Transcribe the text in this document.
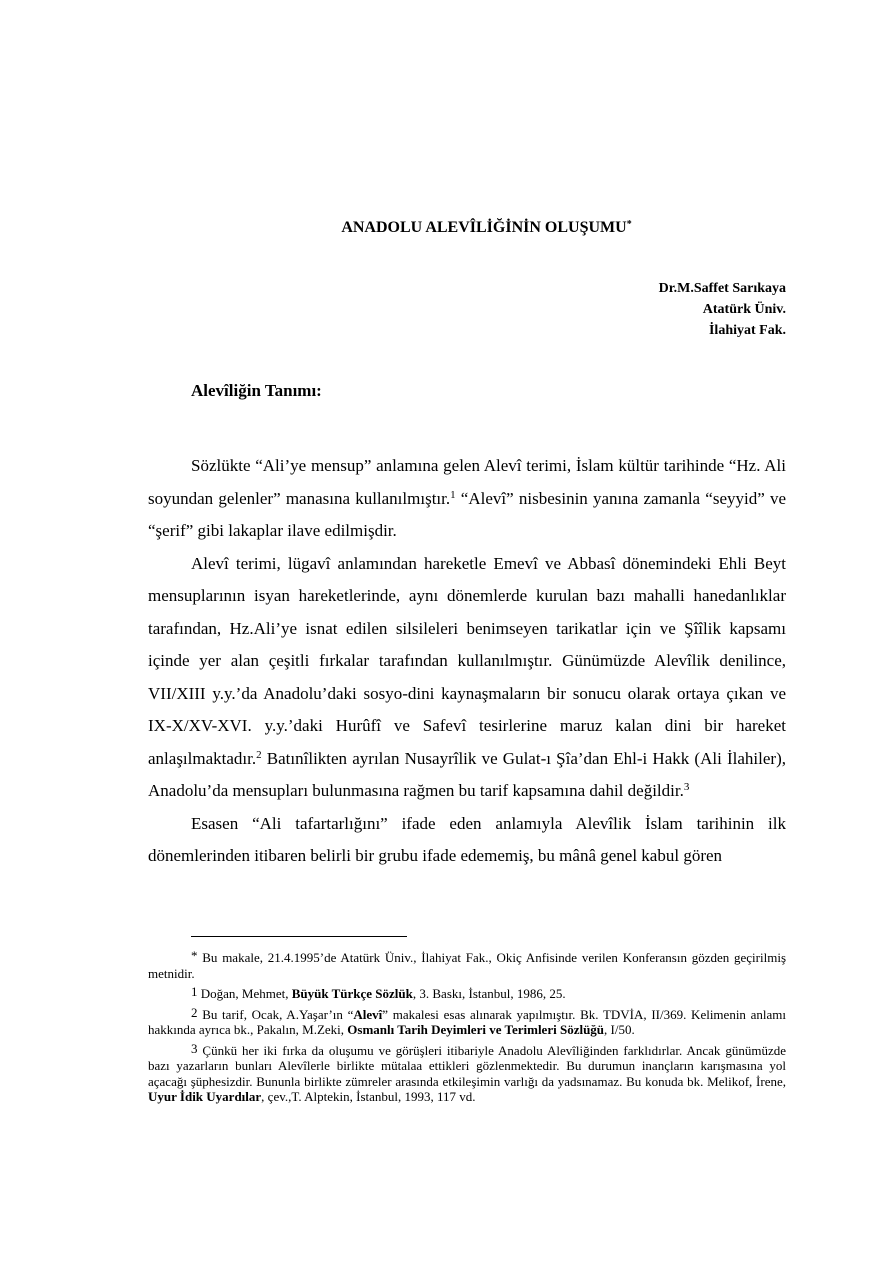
ANADOLU ALEVÎLİĞİNİN OLUŞUMU*
Dr.M.Saffet Sarıkaya
Atatürk Üniv.
İlahiyat Fak.
Alevîliğin Tanımı:

Sözlükte “Ali’ye mensup” anlamına gelen Alevî terimi, İslam kültür tarihinde “Hz. Ali soyundan gelenler” manasına kullanılmıştır.$^1$ “Alevî” nisbesinin yanına zamanla “seyyid” ve “şerif” gibi lakaplar ilave edilmişdir.

Alevî terimi, lügavî anlamından hareketle Emevî ve Abbasî dönemindeki Ehli Beyt mensuplarının isyan hareketlerinde, aynı dönemlerde kurulan bazı mahalli hanedanlıklar tarafından, Hz.Ali’ye isnat edilen silsileleri benimseyen tarikatlar için ve Şîîlik kapsamı içinde yer alan çeşitli fırkalar tarafından kullanılmıştır. Günümüzde Alevîlik denilince, VII/XIII y.y.’da Anadolu’daki sosyo-dini kaynaşmaların bir sonucu olarak ortaya çıkan ve IX-X/XV-XVI. y.y.’daki Hurûfî ve Safevî tesirlerine maruz kalan dini bir hareket anlaşılmaktadır.$^2$ Batınîlikten ayrılan Nusayrîlik ve Gulat-ı Şîa’dan Ehl-i Hakk (Ali İlahiler), Anadolu’da mensupları bulunmasına rağmen bu tarif kapsamına dahil değildir.$^3$

Esasen “Ali tafartarlığını” ifade eden anlamıyla Alevîlik İslam tarihinin ilk dönemlerinden itibaren belirli bir grubu ifade edememiş, bu mânâ genel kabul gören

* Bu makale, 21.4.1995’de Atatürk Üniv., İlahiyat Fak., Okiç Anfisinde verilen Konferansın gözden geçirilmiş metnidir.

$^1$ Doğan, Mehmet, Büyük Türkçe Sözlük, 3. Baskı, İstanbul, 1986, 25.

$^2$ Bu tarif, Ocak, A.Yaşar’ın “Alevî” makalesi esas alınarak yapılmıştır. Bk. TDVİA, II/369. Kelimenin anlamı hakkında ayrıca bk., Pakalın, M.Zeki, Osmanlı Tarih Deyimleri ve Terimleri Sözlüğü, I/50.

$^3$ Çünkü her iki fırka da oluşumu ve görüşleri itibariyle Anadolu Alevîliğinden farklıdırlar. Ancak günümüzde bazı yazarların bunları Alevîlerle birlikte mütalaa ettikleri gözlenmektedir. Bu durumun inançların karışmasına yol açacağı şüphesizdir. Bununla birlikte zümreler arasında etkileşimin varlığı da yadsınamaz. Bu konuda bk. Melikof, İrene, Uyur İdik Uyardılar, çev.,T. Alptekin, İstanbul, 1993, 117 vd.
